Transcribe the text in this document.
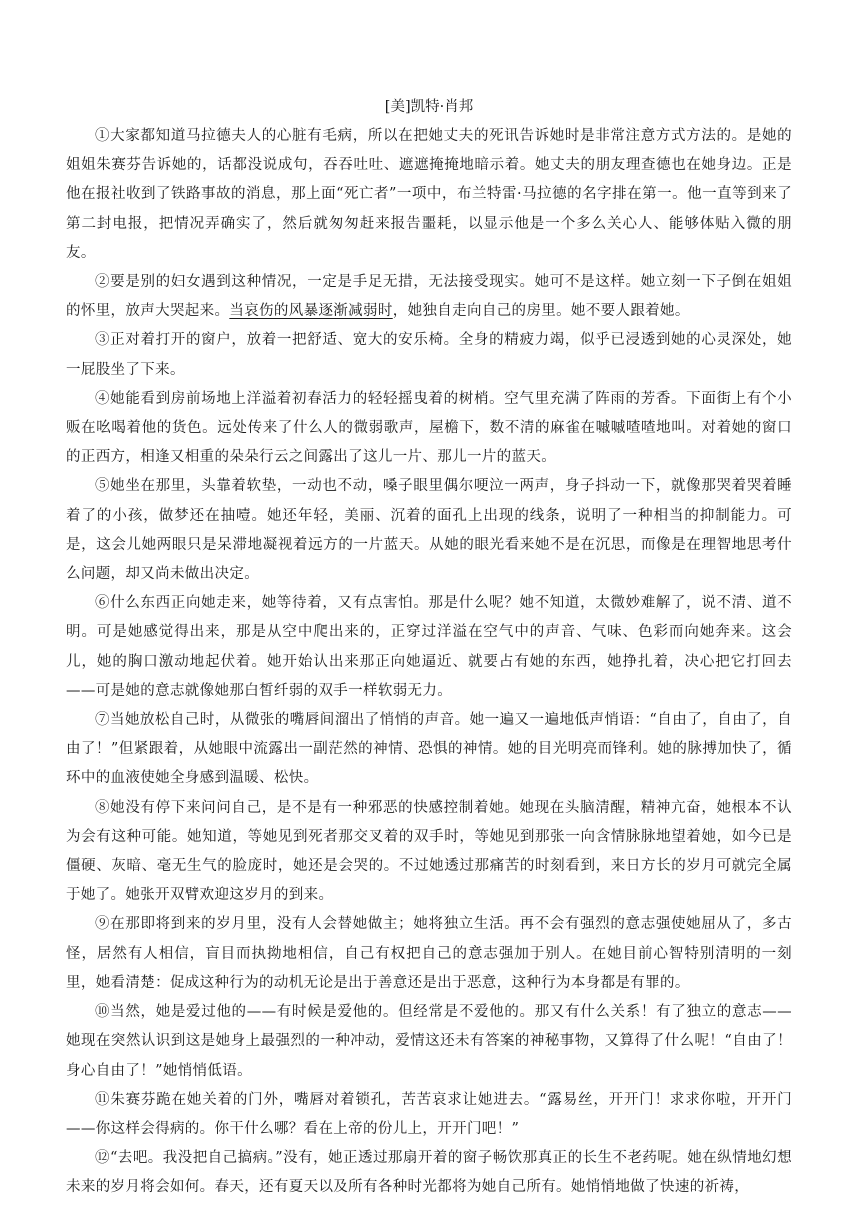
[美]凯特·肖邦

①大家都知道马拉德夫人的心脏有毛病，所以在把她丈夫的死讯告诉她时是非常注意方式方法的。是她的姐姐朱赛芬告诉她的，话都没说成句，吞吞吐吐、遮遮掩掩地暗示着。她丈夫的朋友理查德也在她身边。正是他在报社收到了铁路事故的消息，那上面“死亡者”一项中，布兰特雷·马拉德的名字排在第一。他一直等到来了第二封电报，把情况弄确实了，然后就匆匆赶来报告噩耗，以显示他是一个多么关心人、能够体贴入微的朋友。

②要是别的妇女遇到这种情况，一定是手足无措，无法接受现实。她可不是这样。她立刻一下子倒在姐姐的怀里，放声大哭起来。当哀伤的风暴逐渐减弱时，她独自走向自己的房里。她不要人跟着她。

③正对着打开的窗户，放着一把舒适、宽大的安乐椅。全身的精疲力竭，似乎已浸透到她的心灵深处，她一屁股坐了下来。

④她能看到房前场地上洋溢着初春活力的轻轻摇曳着的树梢。空气里充满了阵雨的芳香。下面街上有个小贩在吆喝着他的货色。远处传来了什么人的微弱歌声，屋檐下，数不清的麻雀在嘁嘁喳喳地叫。对着她的窗口的正西方，相逢又相重的朵朵行云之间露出了这儿一片、那儿一片的蓝天。

⑤她坐在那里，头靠着软垫，一动也不动，嗓子眼里偶尔哽泣一两声，身子抖动一下，就像那哭着哭着睡着了的小孩，做梦还在抽噎。她还年轻，美丽、沉着的面孔上出现的线条，说明了一种相当的抑制能力。可是，这会儿她两眼只是呆滞地凝视着远方的一片蓝天。从她的眼光看来她不是在沉思，而像是在理智地思考什么问题，却又尚未做出决定。

⑥什么东西正向她走来，她等待着，又有点害怕。那是什么呢？她不知道，太微妙难解了，说不清、道不明。可是她感觉得出来，那是从空中爬出来的，正穿过洋溢在空气中的声音、气味、色彩而向她奔来。这会儿，她的胸口激动地起伏着。她开始认出来那正向她逼近、就要占有她的东西，她挣扎着，决心把它打回去——可是她的意志就像她那白皙纤弱的双手一样软弱无力。

⑦当她放松自己时，从微张的嘴唇间溜出了悄悄的声音。她一遍又一遍地低声悄语：“自由了，自由了，自由了！”但紧跟着，从她眼中流露出一副茫然的神情、恐惧的神情。她的目光明亮而锋利。她的脉搏加快了，循环中的血液使她全身感到温暖、松快。

⑧她没有停下来问问自己，是不是有一种邪恶的快感控制着她。她现在头脑清醒，精神亢奋，她根本不认为会有这种可能。她知道，等她见到死者那交叉着的双手时，等她见到那张一向含情脉脉地望着她，如今已是僵硬、灰暗、毫无生气的脸庞时，她还是会哭的。不过她透过那痛苦的时刻看到，来日方长的岁月可就完全属于她了。她张开双臂欢迎这岁月的到来。

⑨在那即将到来的岁月里，没有人会替她做主；她将独立生活。再不会有强烈的意志强使她屈从了，多古怪，居然有人相信，盲目而执拗地相信，自己有权把自己的意志强加于别人。在她目前心智特别清明的一刻里，她看清楚：促成这种行为的动机无论是出于善意还是出于恶意，这种行为本身都是有罪的。

⑩当然，她是爱过他的——有时候是爱他的。但经常是不爱他的。那又有什么关系！有了独立的意志——她现在突然认识到这是她身上最强烈的一种冲动，爱情这还未有答案的神秘事物，又算得了什么呢！“自由了！身心自由了！”她悄悄低语。

⑪朱赛芬跪在她关着的门外，嘴唇对着锁孔，苦苦哀求让她进去。“露易丝，开开门！求求你啦，开开门——你这样会得病的。你干什么哪？看在上帝的份儿上，开开门吧！”

⑫“去吧。我没把自己搞病。”没有，她正透过那扇开着的窗子畅饮那真正的长生不老药呢。她在纵情地幻想未来的岁月将会如何。春天，还有夏天以及所有各种时光都将为她自己所有。她悄悄地做了快速的祈祷，
